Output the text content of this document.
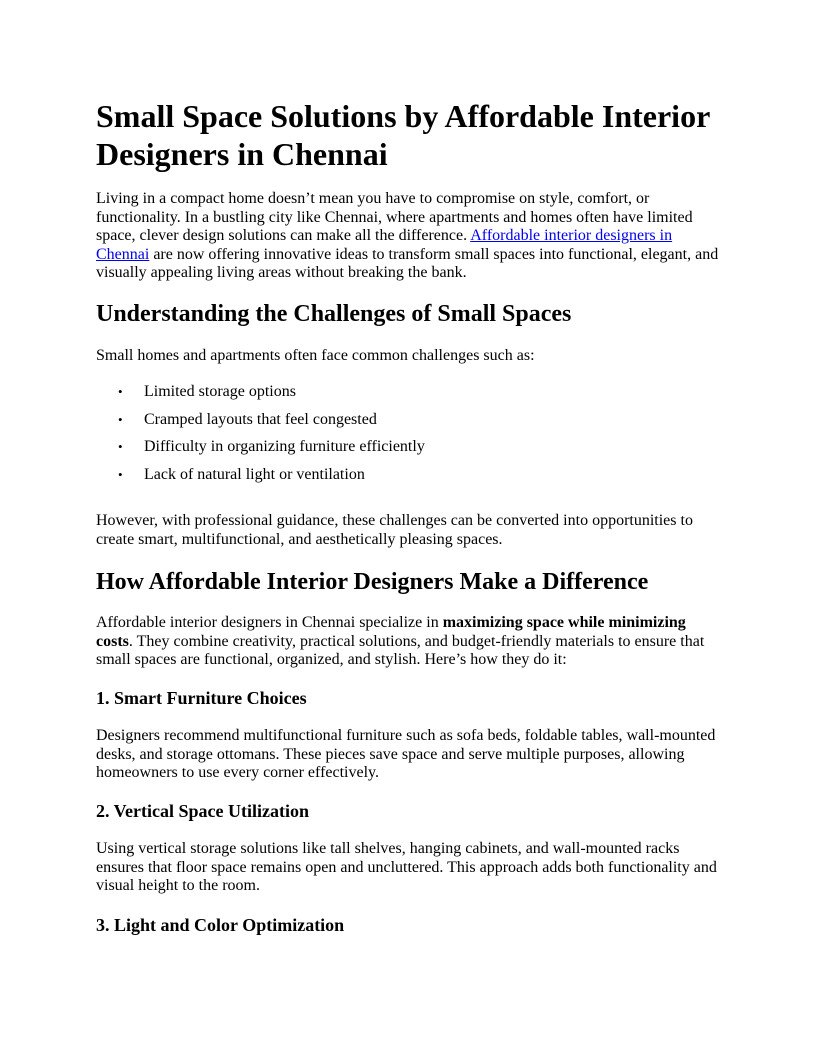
Small Space Solutions by Affordable Interior Designers in Chennai

Living in a compact home doesn’t mean you have to compromise on style, comfort, or functionality. In a bustling city like Chennai, where apartments and homes often have limited space, clever design solutions can make all the difference. Affordable interior designers in Chennai are now offering innovative ideas to transform small spaces into functional, elegant, and visually appealing living areas without breaking the bank.

Understanding the Challenges of Small Spaces

Small homes and apartments often face common challenges such as:

• Limited storage options
• Cramped layouts that feel congested
• Difficulty in organizing furniture efficiently
• Lack of natural light or ventilation

However, with professional guidance, these challenges can be converted into opportunities to create smart, multifunctional, and aesthetically pleasing spaces.

How Affordable Interior Designers Make a Difference

Affordable interior designers in Chennai specialize in maximizing space while minimizing costs. They combine creativity, practical solutions, and budget-friendly materials to ensure that small spaces are functional, organized, and stylish. Here’s how they do it:

1. Smart Furniture Choices

Designers recommend multifunctional furniture such as sofa beds, foldable tables, wall-mounted desks, and storage ottomans. These pieces save space and serve multiple purposes, allowing homeowners to use every corner effectively.

2. Vertical Space Utilization

Using vertical storage solutions like tall shelves, hanging cabinets, and wall-mounted racks ensures that floor space remains open and uncluttered. This approach adds both functionality and visual height to the room.

3. Light and Color Optimization
